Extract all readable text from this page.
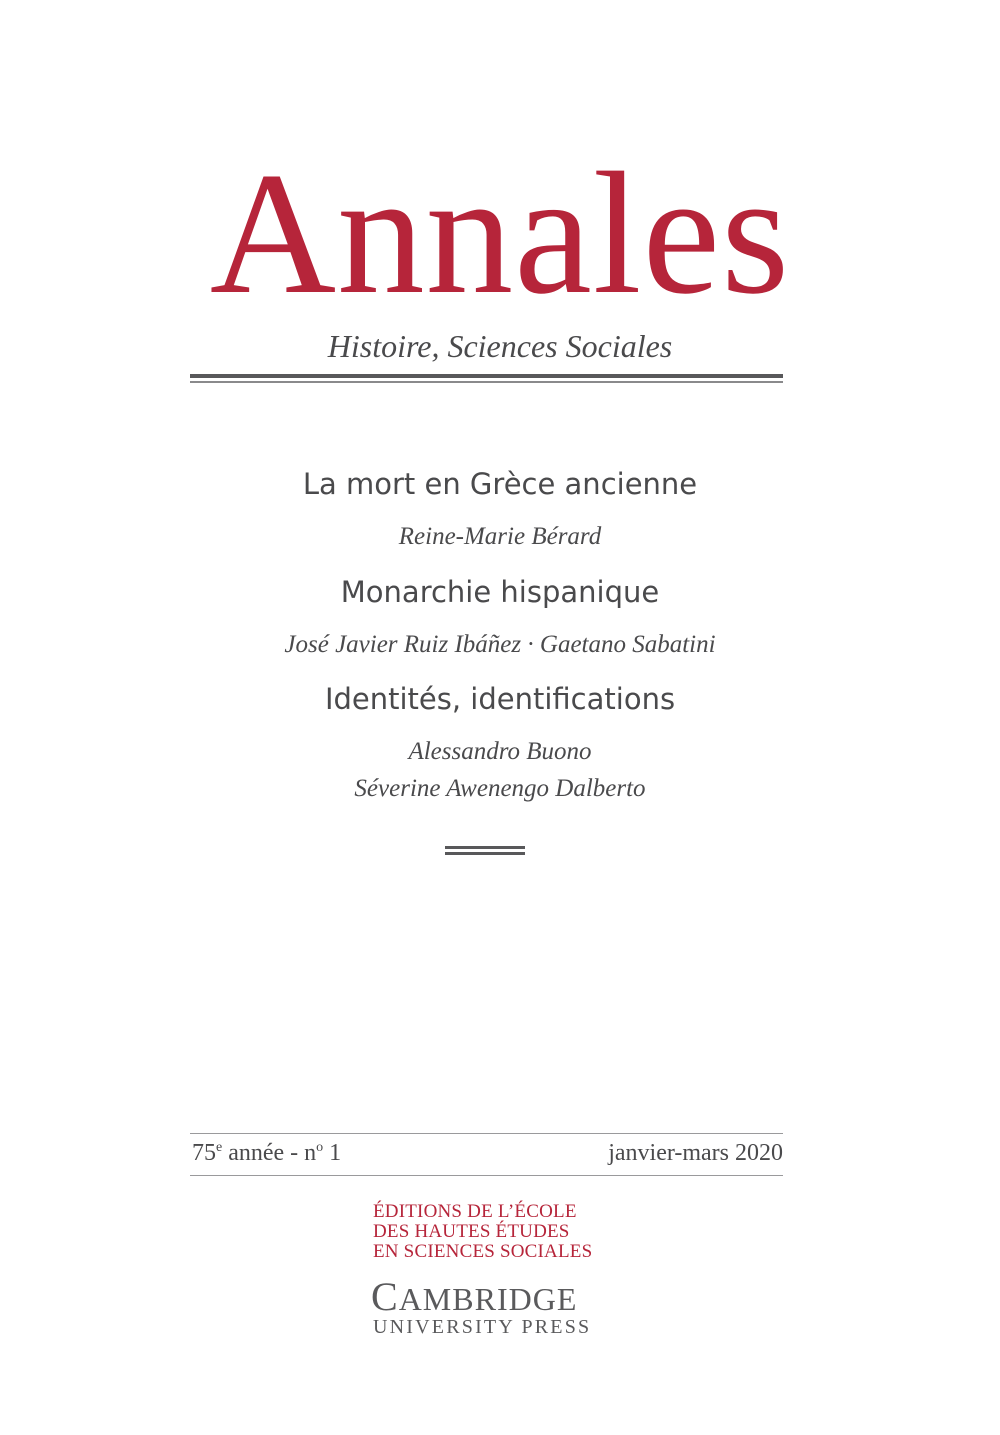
Annales
Histoire, Sciences Sociales
La mort en Grèce ancienne
Reine-Marie Bérard
Monarchie hispanique
José Javier Ruiz Ibáñez · Gaetano Sabatini
Identités, identifications
Alessandro Buono
Séverine Awenengo Dalberto
75e année - $n^o$ 1	janvier-mars 2020
ÉDITIONS DE L’ÉCOLE
DES HAUTES ÉTUDES
EN SCIENCES SOCIALES
CAMBRIDGE
UNIVERSITY PRESS
